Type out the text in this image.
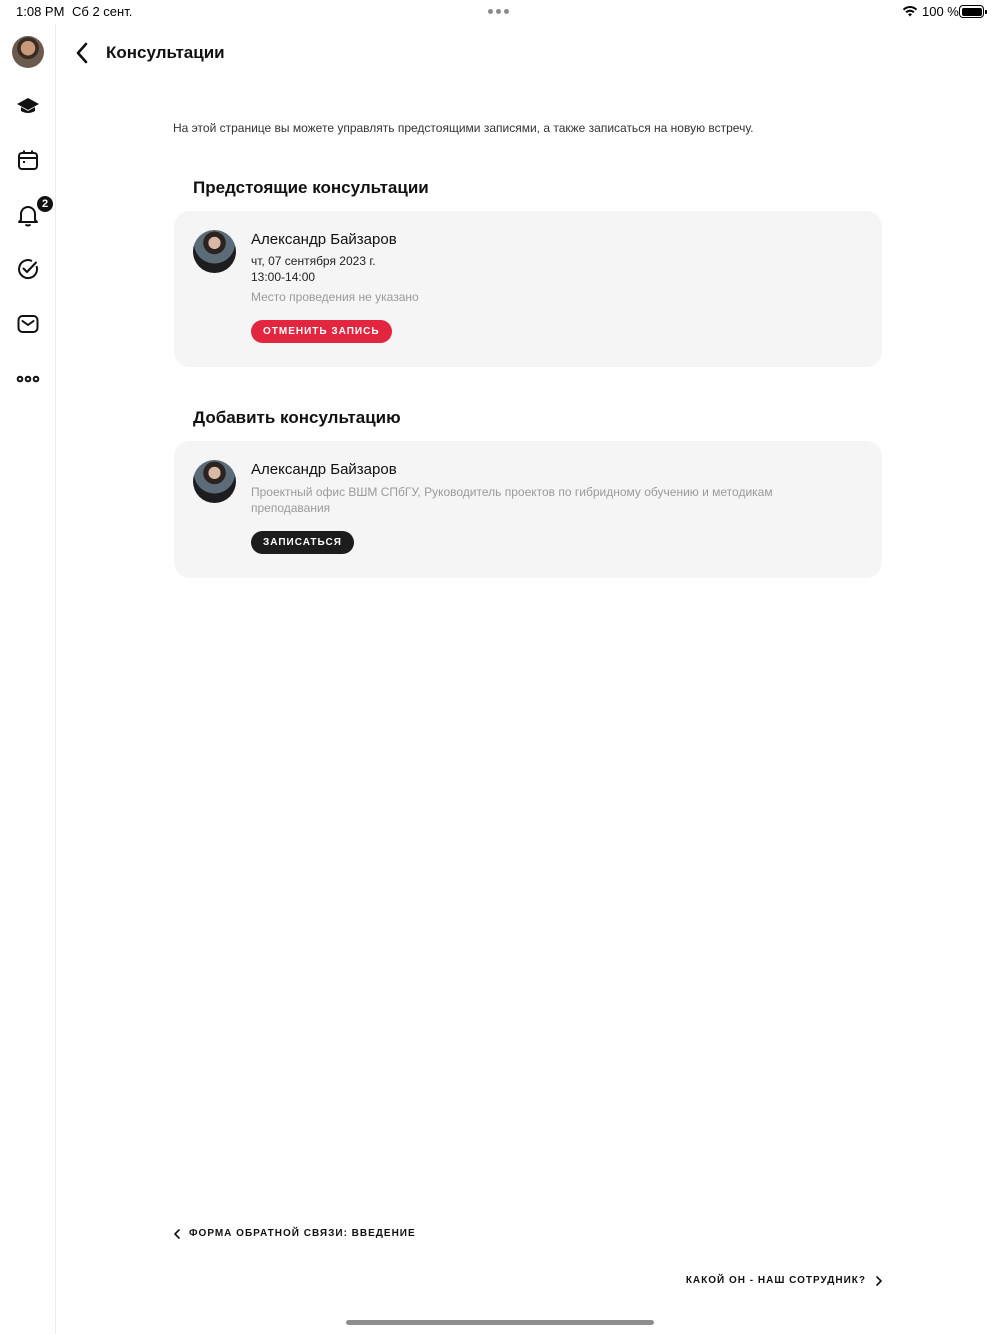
1:08 PM Сб 2 сент.	100 %
2
Консультации

На этой странице вы можете управлять предстоящими записями, а также записаться на новую встречу.

Предстоящие консультации
Александр Байзаров
чт, 07 сентября 2023 г.
13:00-14:00
Место проведения не указано
ОТМЕНИТЬ ЗАПИСЬ
Добавить консультацию
Александр Байзаров
Проектный офис ВШМ СПбГУ, Руководитель проектов по гибридному обучению и методикам преподавания
ЗАПИСАТЬСЯ
ФОРМА ОБРАТНОЙ СВЯЗИ: ВВЕДЕНИЕ
КАКОЙ ОН - НАШ СОТРУДНИК?
